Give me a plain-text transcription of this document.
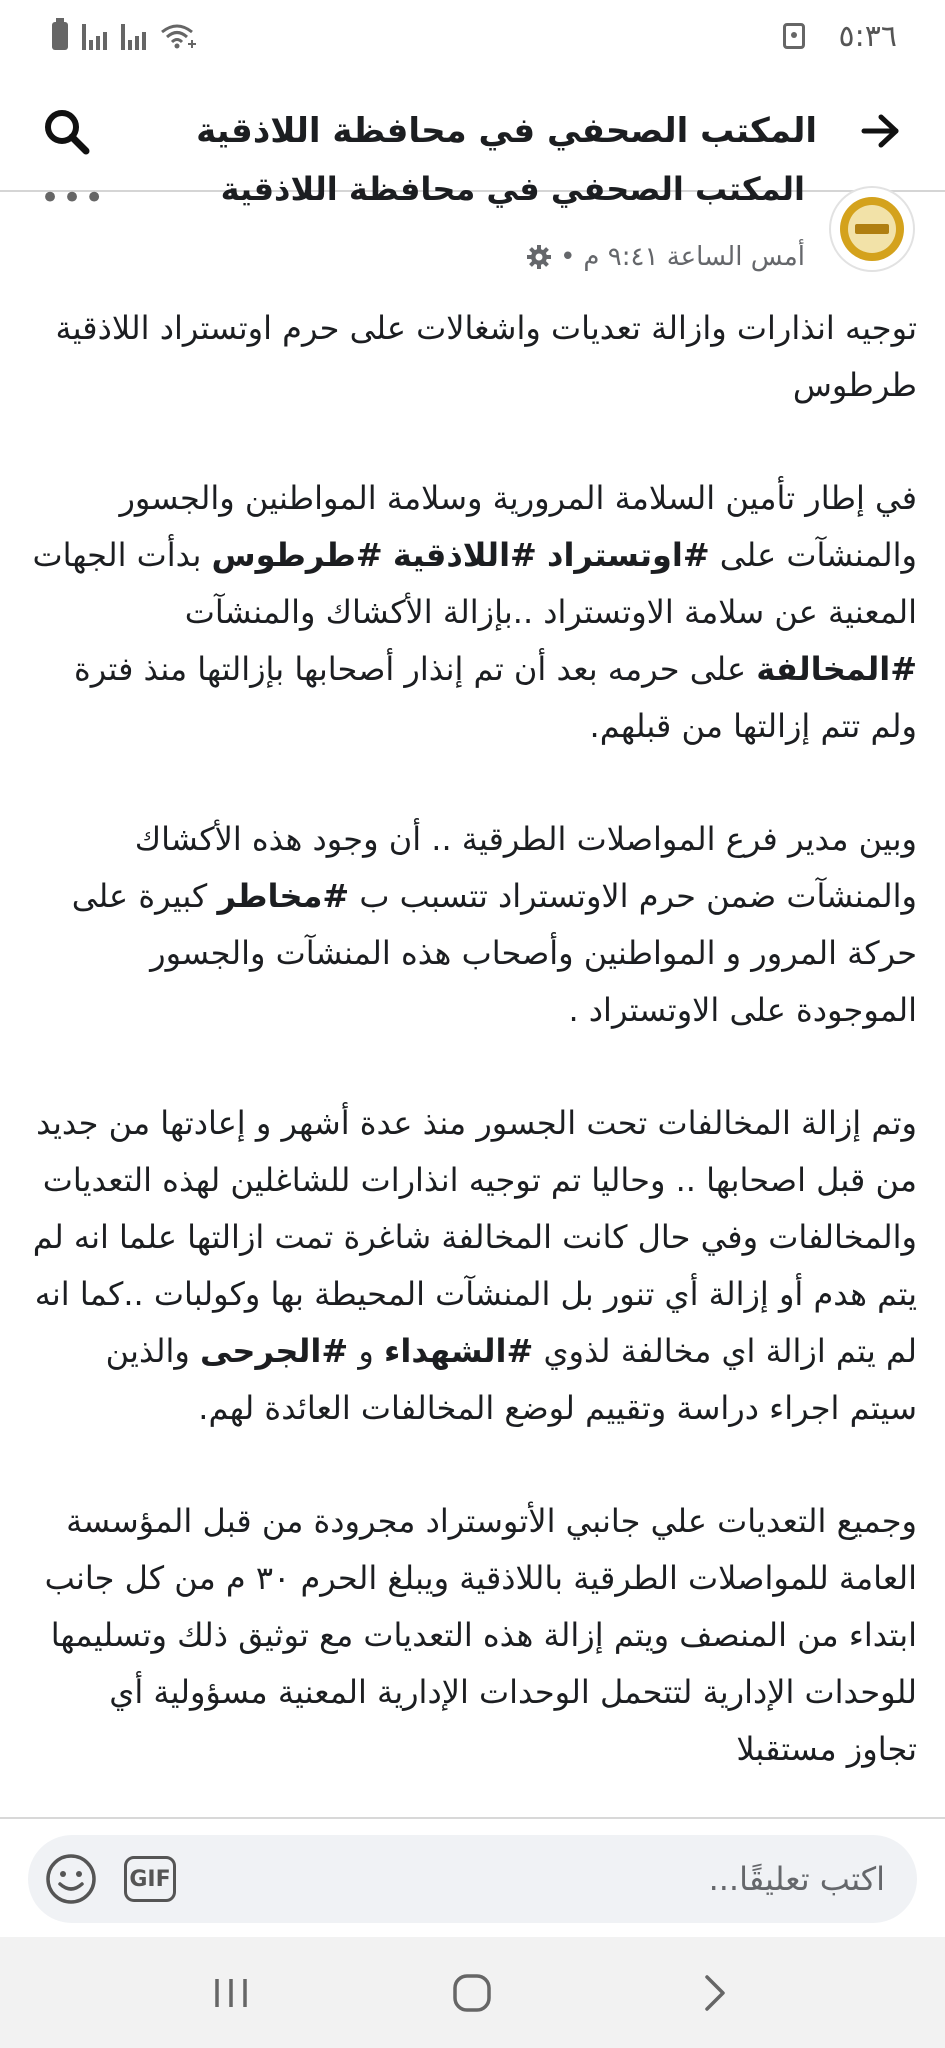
٥:٣٦
المكتب الصحفي في محافظة اللاذقية
المكتب الصحفي في محافظة اللاذقية
•••
أمس الساعة ٩:٤١ م
•

توجيه انذارات وازالة تعديات واشغالات على حرم اوتستراد اللاذقية طرطوس

في إطار تأمين السلامة المرورية وسلامة المواطنين والجسور والمنشآت على #اوتستراد #اللاذقية #طرطوس بدأت الجهات المعنية عن سلامة الاوتستراد ..بإزالة الأكشاك والمنشآت #المخالفة على حرمه بعد أن تم إنذار أصحابها بإزالتها منذ فترة ولم تتم إزالتها من قبلهم.

وبين مدير فرع المواصلات الطرقية .. أن وجود هذه الأكشاك والمنشآت ضمن حرم الاوتستراد تتسبب ب #مخاطر كبيرة على حركة المرور و المواطنين وأصحاب هذه المنشآت والجسور الموجودة على الاوتستراد .

وتم إزالة المخالفات تحت الجسور منذ عدة أشهر و إعادتها من جديد من قبل اصحابها .. وحاليا تم توجيه انذارات للشاغلين لهذه التعديات والمخالفات وفي حال كانت المخالفة شاغرة تمت ازالتها علما انه لم يتم هدم أو إزالة أي تنور بل المنشآت المحيطة بها وكولبات ..كما انه لم يتم ازالة اي مخالفة لذوي #الشهداء و #الجرحى والذين سيتم اجراء دراسة وتقييم لوضع المخالفات العائدة لهم.

وجميع التعديات علي جانبي الأتوستراد مجرودة من قبل المؤسسة العامة للمواصلات الطرقية باللاذقية ويبلغ الحرم ٣٠ م من كل جانب ابتداء من المنصف ويتم إزالة هذه التعديات مع توثيق ذلك وتسليمها للوحدات الإدارية لتتحمل الوحدات الإدارية المعنية مسؤولية أي تجاوز مستقبلا

GIF	اكتب تعليقًا...
